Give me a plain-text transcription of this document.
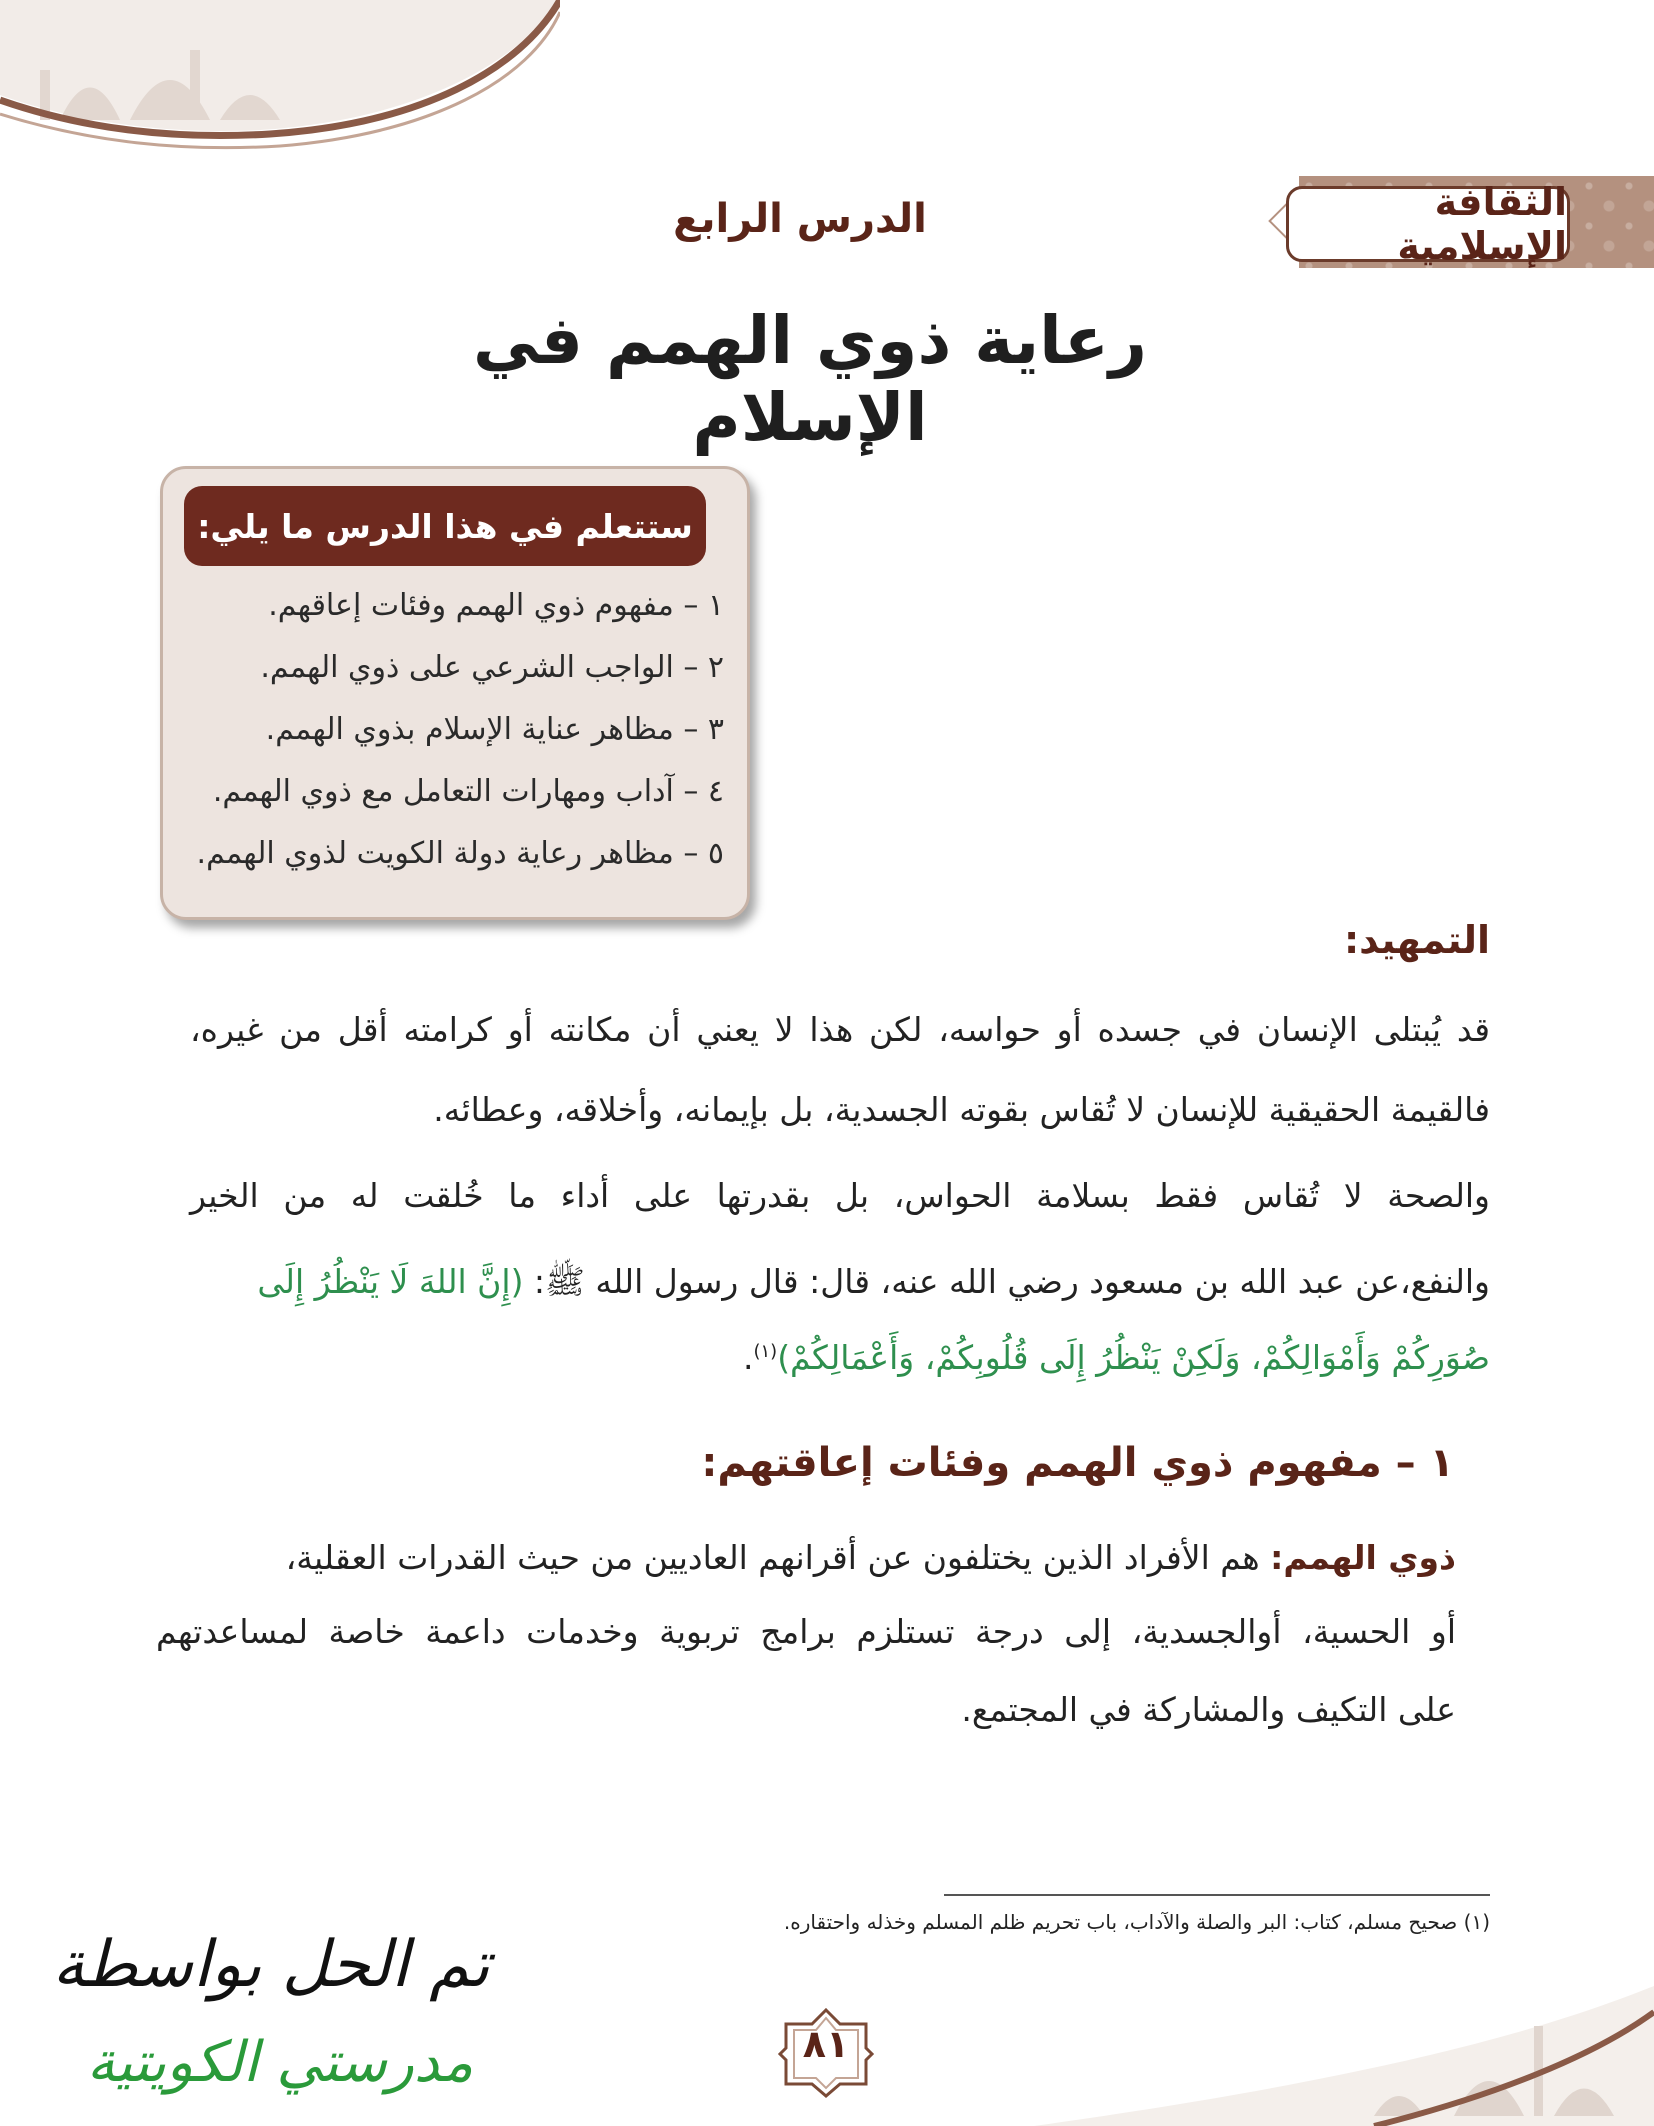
الثقافة الإسلامية
الدرس الرابع
رعاية ذوي الهمم في الإسلام
ستتعلم في هذا الدرس ما يلي:
١ – مفهوم ذوي الهمم وفئات إعاقهم.
٢ – الواجب الشرعي على ذوي الهمم.
٣ – مظاهر عناية الإسلام بذوي الهمم.
٤ – آداب ومهارات التعامل مع ذوي الهمم.
٥ – مظاهر رعاية دولة الكويت لذوي الهمم.
التمهيد:
قد يُبتلى الإنسان في جسده أو حواسه، لكن هذا لا يعني أن مكانته أو كرامته أقل من غيره،
فالقيمة الحقيقية للإنسان لا تُقاس بقوته الجسدية، بل بإيمانه، وأخلاقه، وعطائه.
والصحة لا تُقاس فقط بسلامة الحواس، بل بقدرتها على أداء ما خُلقت له من الخير
والنفع،عن عبد الله بن مسعود رضي الله عنه، قال: قال رسول الله ﷺ: (إِنَّ اللهَ لَا يَنْظُرُ إِلَى
صُوَرِكُمْ وَأَمْوَالِكُمْ، وَلَكِنْ يَنْظُرُ إِلَى قُلُوبِكُمْ، وَأَعْمَالِكُمْ)$^{(١)}$.
١ – مفهوم ذوي الهمم وفئات إعاقتهم:
ذوي الهمم: هم الأفراد الذين يختلفون عن أقرانهم العاديين من حيث القدرات العقلية،
أو الحسية، أوالجسدية، إلى درجة تستلزم برامج تربوية وخدمات داعمة خاصة لمساعدتهم
على التكيف والمشاركة في المجتمع.
(١) صحيح مسلم، كتاب: البر والصلة والآداب، باب تحريم ظلم المسلم وخذله واحتقاره.
٨١
تم الحل بواسطة
مدرستي الكويتية
